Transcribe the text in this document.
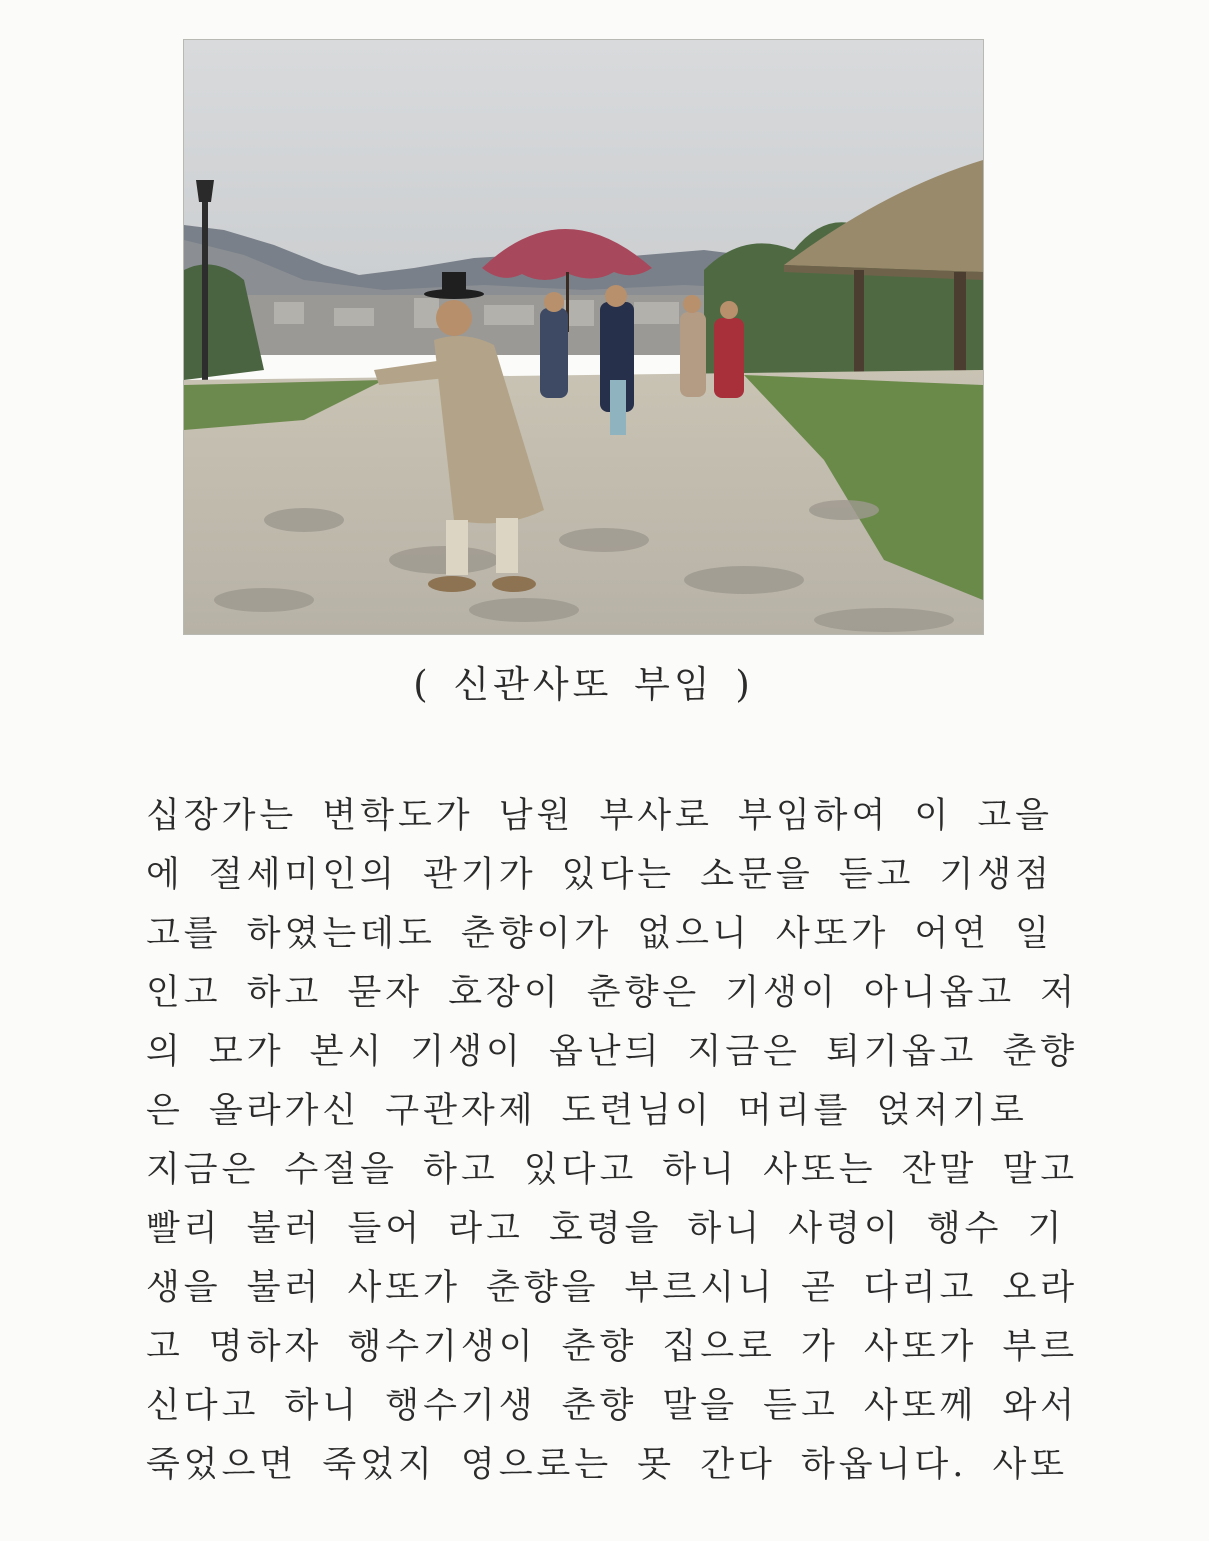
( 신관사또 부임 )
십장가는 변학도가 남원 부사로 부임하여 이 고을
에 절세미인의 관기가 있다는 소문을 듣고 기생점
고를 하였는데도 춘향이가 없으니 사또가 어연 일
인고 하고 묻자 호장이 춘향은 기생이 아니옵고 저
의 모가 본시 기생이 옵난듸 지금은 퇴기옵고 춘향
은 올라가신 구관자제 도련님이 머리를 얹저기로
지금은 수절을 하고 있다고 하니 사또는 잔말 말고
빨리 불러 들어 라고 호령을 하니 사령이 행수 기
생을 불러 사또가 춘향을 부르시니 곧 다리고 오라
고 명하자 행수기생이 춘향 집으로 가 사또가 부르
신다고 하니 행수기생 춘향 말을 듣고 사또께 와서
죽었으면 죽었지 영으로는 못 간다 하옵니다. 사또
